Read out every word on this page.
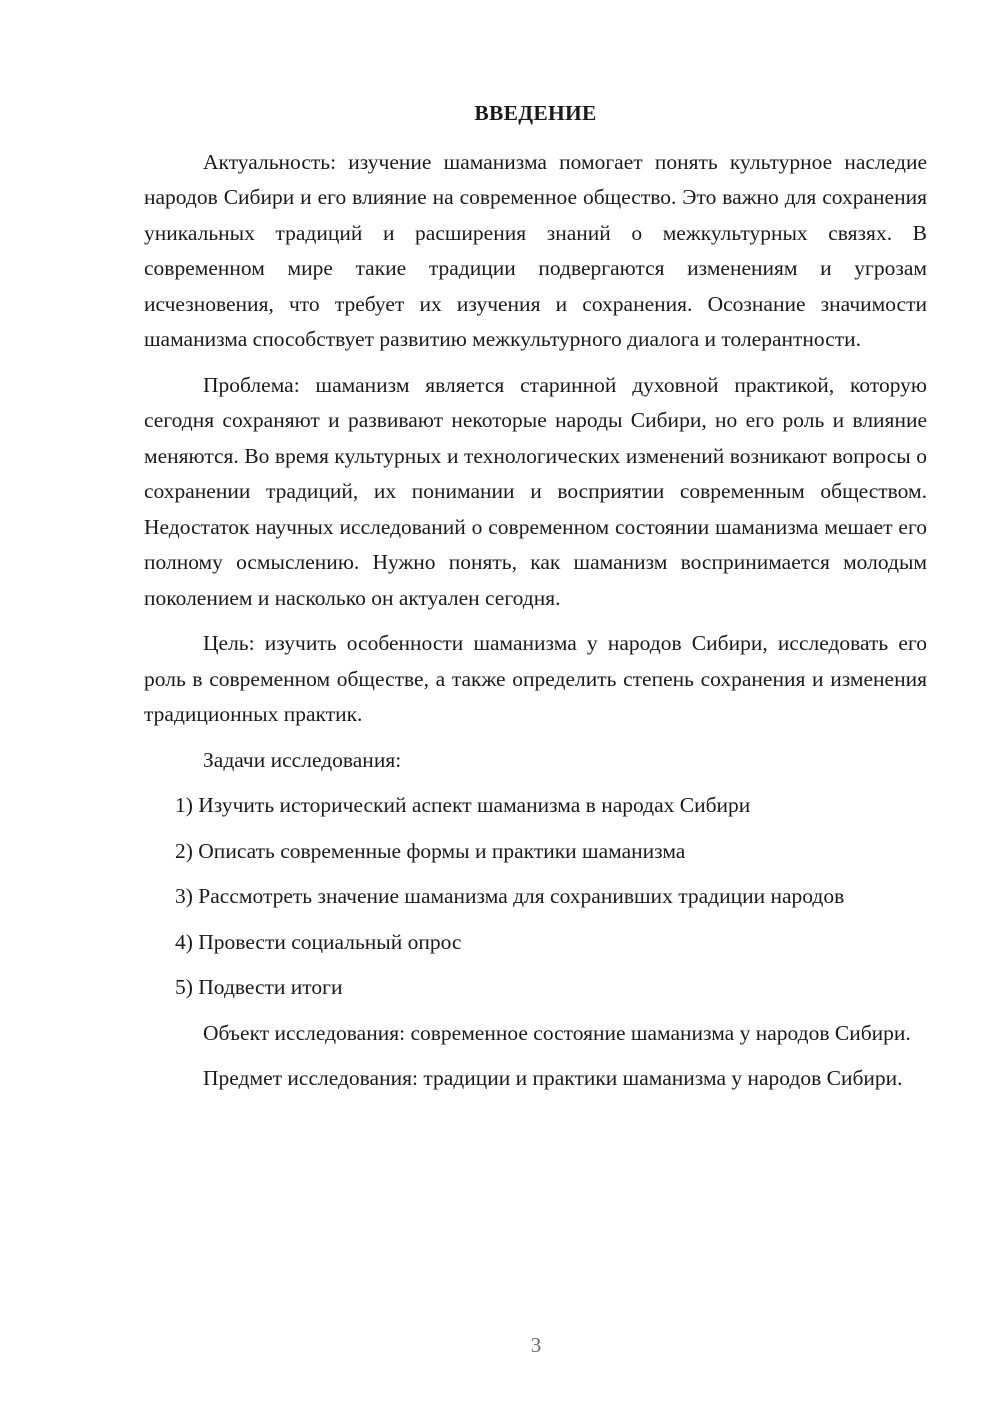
ВВЕДЕНИЕ

Актуальность: изучение шаманизма помогает понять культурное наследие народов Сибири и его влияние на современное общество. Это важно для сохранения уникальных традиций и расширения знаний о межкультурных связях. В современном мире такие традиции подвергаются изменениям и угрозам исчезновения, что требует их изучения и сохранения. Осознание значимости шаманизма способствует развитию межкультурного диалога и толерантности.

Проблема: шаманизм является старинной духовной практикой, которую сегодня сохраняют и развивают некоторые народы Сибири, но его роль и влияние меняются. Во время культурных и технологических изменений возникают вопросы о сохранении традиций, их понимании и восприятии современным обществом. Недостаток научных исследований о современном состоянии шаманизма мешает его полному осмыслению. Нужно понять, как шаманизм воспринимается молодым поколением и насколько он актуален сегодня.

Цель: изучить особенности шаманизма у народов Сибири, исследовать его роль в современном обществе, а также определить степень сохранения и изменения традиционных практик.

Задачи исследования:

1) Изучить исторический аспект шаманизма в народах Сибири

2) Описать современные формы и практики шаманизма

3) Рассмотреть значение шаманизма для сохранивших традиции народов

4) Провести социальный опрос

5) Подвести итоги

Объект исследования: современное состояние шаманизма у народов Сибири.

Предмет исследования: традиции и практики шаманизма у народов Сибири.

3
